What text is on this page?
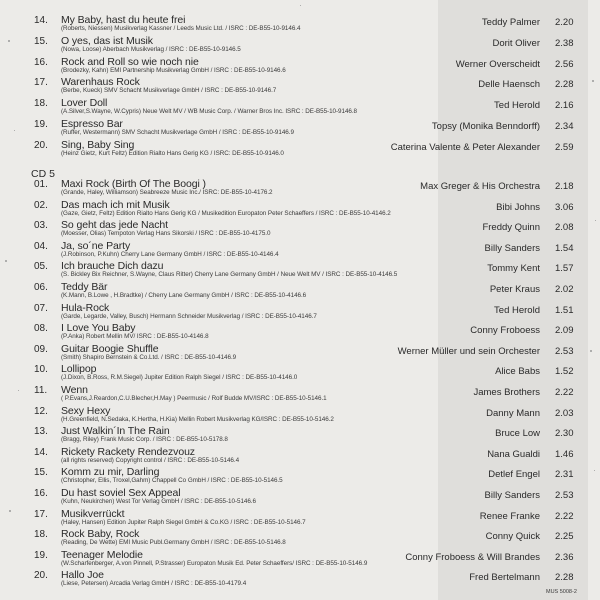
14.	My Baby, hast du heute frei
(Roberts, Niessen) Musikverlag Kassner / Leeds Music Ltd. / ISRC : DE-B55-10-9146.4
Teddy Palmer 2.20
15.	O yes, das ist Musik
(Nowa, Loose) Aberbach Musikverlag / ISRC : DE-B55-10-9146.5
Dorit Oliver 2.38
16.	Rock and Roll so wie noch nie
(Brodezky, Kahn) EMI Partnership Musikverlag GmbH / ISRC : DE-B55-10-9146.6
Werner Overscheidt 2.56
17.	Warenhaus Rock
(Berbe, Kueck) SMV Schacht Musikverlage GmbH / ISRC : DE-B55-10-9146.7
Delle Haensch 2.28
18.	Lover Doll
(A.Silver,S.Wayne, W.Cypris) Neue Welt MV / WB Music Corp. / Warner Bros Inc. ISRC : DE-B55-10-9146.8
Ted Herold 2.16
19.	Espresso Bar
(Ruffer, Westermann) SMV Schacht Musikverlage GmbH / ISRC : DE-B55-10-9146.9
Topsy (Monika Benndorff) 2.34
20.	Sing, Baby Sing
(Heinz Gietz, Kurt Feltz) Edition Rialto Hans Gerig KG / ISRC: DE-B55-10-9146.0
Caterina Valente & Peter Alexander 2.59
CD 5
01.	Maxi Rock (Birth Of The Boogi )
(Grande, Haley, Williamson) Seabreeze Music Inc./ ISRC: DE-B55-10-4176.2
Max Greger & His Orchestra 2.18
02.	Das mach ich mit Musik
(Gaze, Gietz, Feltz) Edition Rialto Hans Gerig KG / Musikedition Europaton Peter Schaeffers / ISRC : DE-B55-10-4146.2
Bibi Johns 3.06
03.	So geht das jede Nacht
(Moesser, Olias) Tempoton Verlag Hans Sikorski / ISRC : DE-B55-10-4175.0
Freddy Quinn 2.08
04.	Ja, so´ne Party
(J.Robinson, P.Kuhn) Cherry Lane Germany GmbH / ISRC : DE-B55-10-4146.4
Billy Sanders 1.54
05.	Ich brauche Dich dazu
(S. Bickley Bix Reichner, S.Wayne, Claus Ritter) Cherry Lane Germany GmbH / Neue Welt MV / ISRC : DE-B55-10-4146.5
Tommy Kent 1.57
06.	Teddy Bär
(K.Mann, B.Lowe , H.Bradtke) / Cherry Lane Germany GmbH / ISRC : DE-B55-10-4146.6
Peter Kraus 2.02
07.	Hula-Rock
(Garde, Legarde, Valley, Busch) Hermann Schneider Musikverlag / ISRC : DE-B55-10-4146.7
Ted Herold 1.51
08.	I Love You Baby
(P.Anka) Robert Mellin MV/ ISRC : DE-B55-10-4146.8
Conny Froboess 2.09
09.	Guitar Boogie Shuffle
(Smith) Shapiro Bernstein & Co.Ltd. / ISRC : DE-B55-10-4146.9
Werner Müller und sein Orchester 2.53
10.	Lollipop
(J.Dixon, B.Ross, R.M.Siegel) Jupiter Edition Ralph Siegel / ISRC : DE-B55-10-4146.0
Alice Babs 1.52
11.	Wenn
( P.Evans,J.Reardon,C.U.Blecher,H.May ) Peermusic / Rolf Budde MV/ISRC : DE-B55-10-5146.1
James Brothers 2.22
12.	Sexy Hexy
(H.Greenfield, N.Sedaka, K.Hertha, H.Kia) Mellin Robert Musikverlag KG/ISRC : DE-B55-10-5146.2
Danny Mann 2.03
13.	Just Walkin´In The Rain
(Bragg, Riley) Frank Music Corp. / ISRC : DE-B55-10-5178.8
Bruce Low 2.30
14.	Rickety Rackety Rendezvouz
(all rights reserved) Copyright control / ISRC : DE-B55-10-5146.4
Nana Gualdi 1.46
15.	Komm zu mir, Darling
(Christopher, Ellis, Troxel,Gahm) Chappell Co GmbH / ISRC : DE-B55-10-5146.5
Detlef Engel 2.31
16.	Du hast soviel Sex Appeal
(Kuhn, Neukirchen) West Tor Verlag GmbH / ISRC : DE-B55-10-5146.6
Billy Sanders 2.53
17.	Musikverrückt
(Haley, Hansen) Edition Jupiter Ralph Siegel GmbH & Co.KG / ISRC : DE-B55-10-5146.7
Renee Franke 2.22
18.	Rock Baby, Rock
(Reading, De Wette) EMI Music Publ.Germany GmbH / ISRC : DE-B55-10-5146.8
Conny Quick 2.25
19.	Teenager Melodie
(W.Scharfenberger, A.von Pinnell, P.Strasser) Europaton Musik Ed. Peter Schaeffers/ ISRC : DE-B55-10-5146.9
Conny Froboess & Will Brandes 2.36
20.	Hallo Joe
(Liese, Petersen) Arcadia Verlag GmbH / ISRC : DE-B55-10-4179.4
Fred Bertelmann 2.28
MUS 5008-2
